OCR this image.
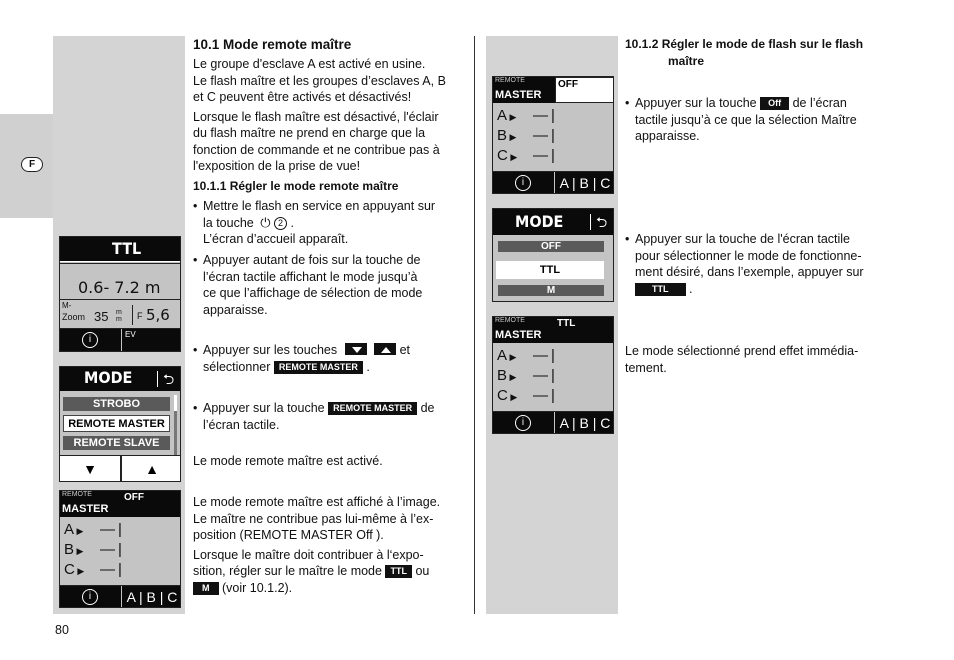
F
TTL
0.6- 7.2 m
M-
Zoom 35 m
m F 5,6
i	EV
MODE ⮌
STROBO
REMOTE MASTER
REMOTE SLAVE
▼	▲
REMOTE
MASTER
OFF
A ▶ — |
B ▶ — |
C ▶ — |
i	A | B | C
REMOTE
MASTER
OFF
A ▶ — |
B ▶ — |
C ▶ — |
i	A | B | C
MODE ⮌
OFF
TTL
M
REMOTE
MASTER
TTL
A ▶ — |
B ▶ — |
C ▶ — |
i	A | B | C
10.1 Mode remote maître
Le groupe d'esclave A est activé en usine.
Le flash maître et les groupes d’esclaves A, B
et C peuvent être activés et désactivés!
Lorsque le flash maître est désactivé, l'éclair
du flash maître ne prend en charge que la
fonction de commande et ne contribue pas à
l'exposition de la prise de vue!
10.1.1 Régler le mode remote maître
• Mettre le flash en service en appuyant sur
la touche ⏻ 2 .
L’écran d’accueil apparaît.
• Appuyer autant de fois sur la touche de
l’écran tactile affichant le mode jusqu’à
ce que l’affichage de sélection de mode
apparaisse.
• Appuyer sur les touches
	et
sélectionner REMOTE MASTER .
• Appuyer sur la touche REMOTE MASTER de
l’écran tactile.
Le mode remote maître est activé.
Le mode remote maître est affiché à l’image.
Le maître ne contribue pas lui-même à l’ex-
position (REMOTE MASTER Off ).
Lorsque le maître doit contribuer à l‘expo-
sition, régler sur le maître le mode TTL ou
M (voir 10.1.2).
10.1.2 Régler le mode de flash sur le flash
maître
• Appuyer sur la touche Off de l’écran
tactile jusqu’à ce que la sélection Maître
apparaisse.
• Appuyer sur la touche de l'écran tactile
pour sélectionner le mode de fonctionne-
ment désiré, dans l’exemple, appuyer sur
TTL .
Le mode sélectionné prend effet immédia-
tement.
80
